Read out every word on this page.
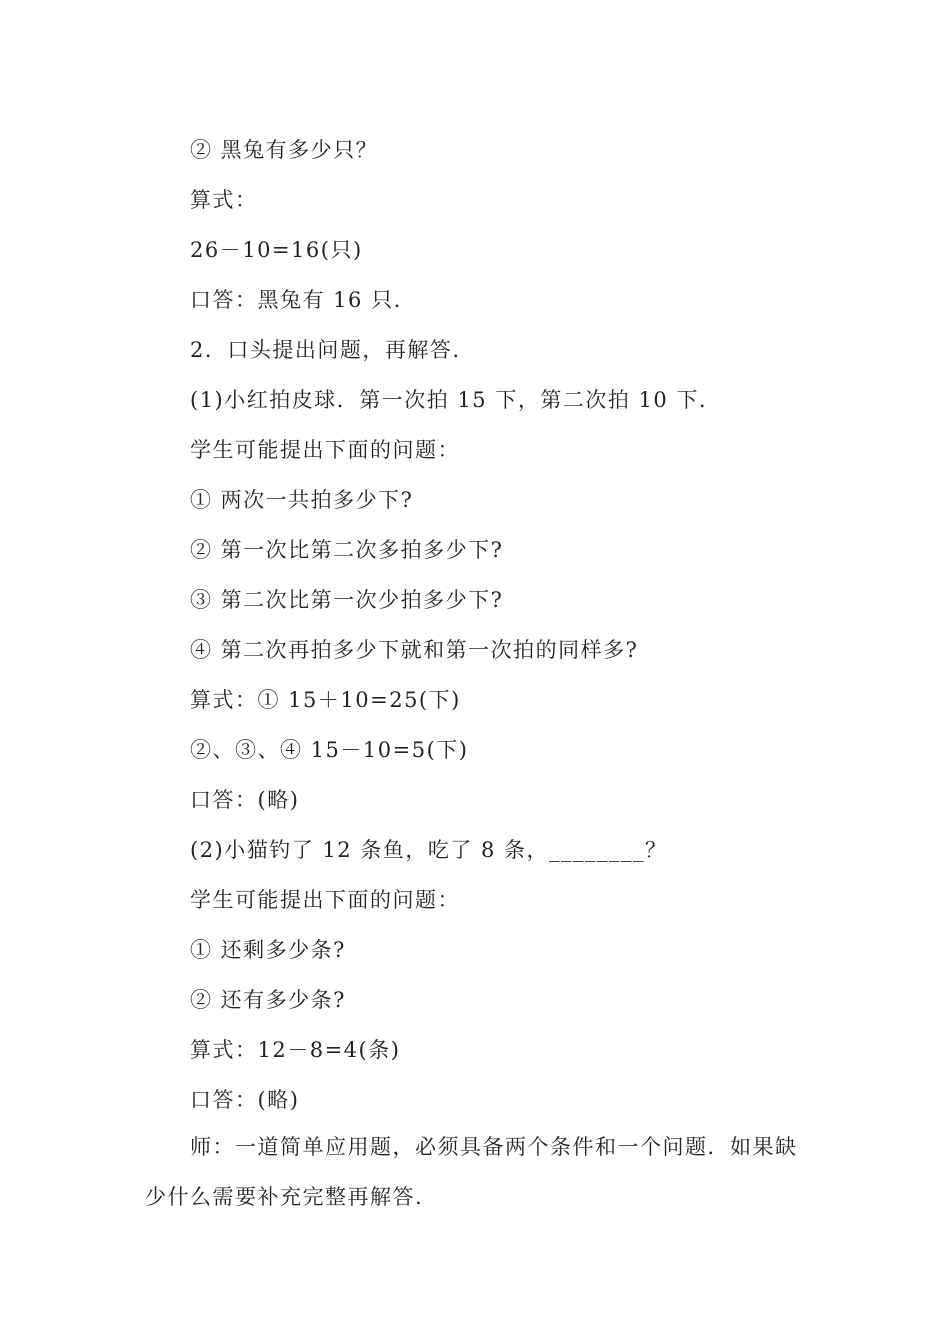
② 黑兔有多少只？

算式：

26－10=16(只)

口答：黑兔有 16 只.

2．口头提出问题，再解答.

(1)小红拍皮球．第一次拍 15 下，第二次拍 10 下.

学生可能提出下面的问题：

① 两次一共拍多少下?

② 第一次比第二次多拍多少下?

③ 第二次比第一次少拍多少下?

④ 第二次再拍多少下就和第一次拍的同样多?

算式：① 15＋10=25(下)

②、③、④ 15－10=5(下)

口答：(略)

(2)小猫钓了 12 条鱼，吃了 8 条，________？

学生可能提出下面的问题：

① 还剩多少条?

② 还有多少条?

算式：12－8=4(条)

口答：(略)

师：一道简单应用题，必须具备两个条件和一个问题．如果缺
少什么需要补充完整再解答.
